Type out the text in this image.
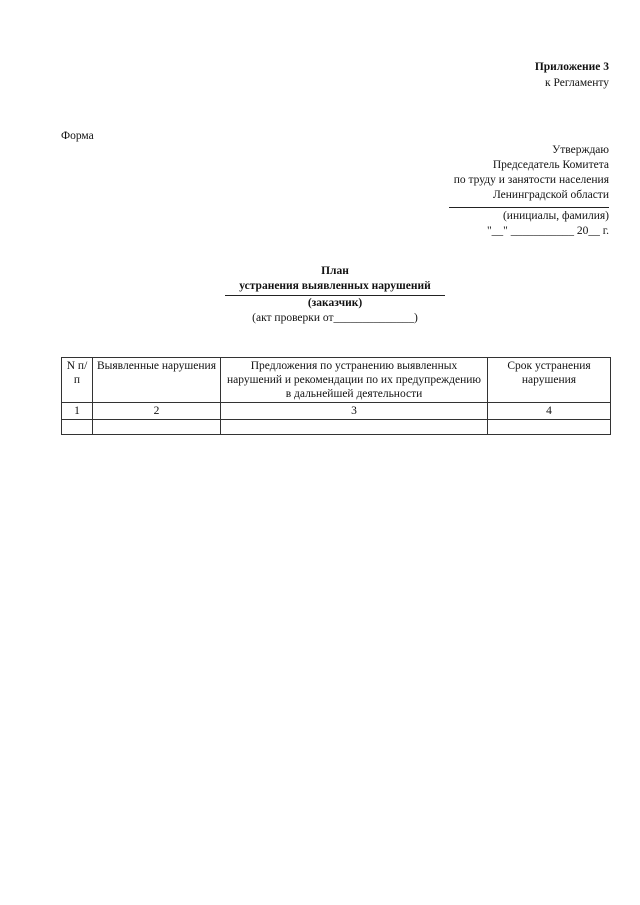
Приложение 3
к Регламенту
Форма
Утверждаю
Председатель Комитета
по труду и занятости населения
Ленинградской области
(инициалы, фамилия)
"__" ___________ 20__ г.
План
устранения выявленных нарушений
(заказчик)
(акт проверки от______________)
N п/п	Выявленные нарушения	Предложения по устранению выявленных нарушений и рекомендации по их предупреждению в дальнейшей деятельности	Срок устранения нарушения
1	2	3	4
